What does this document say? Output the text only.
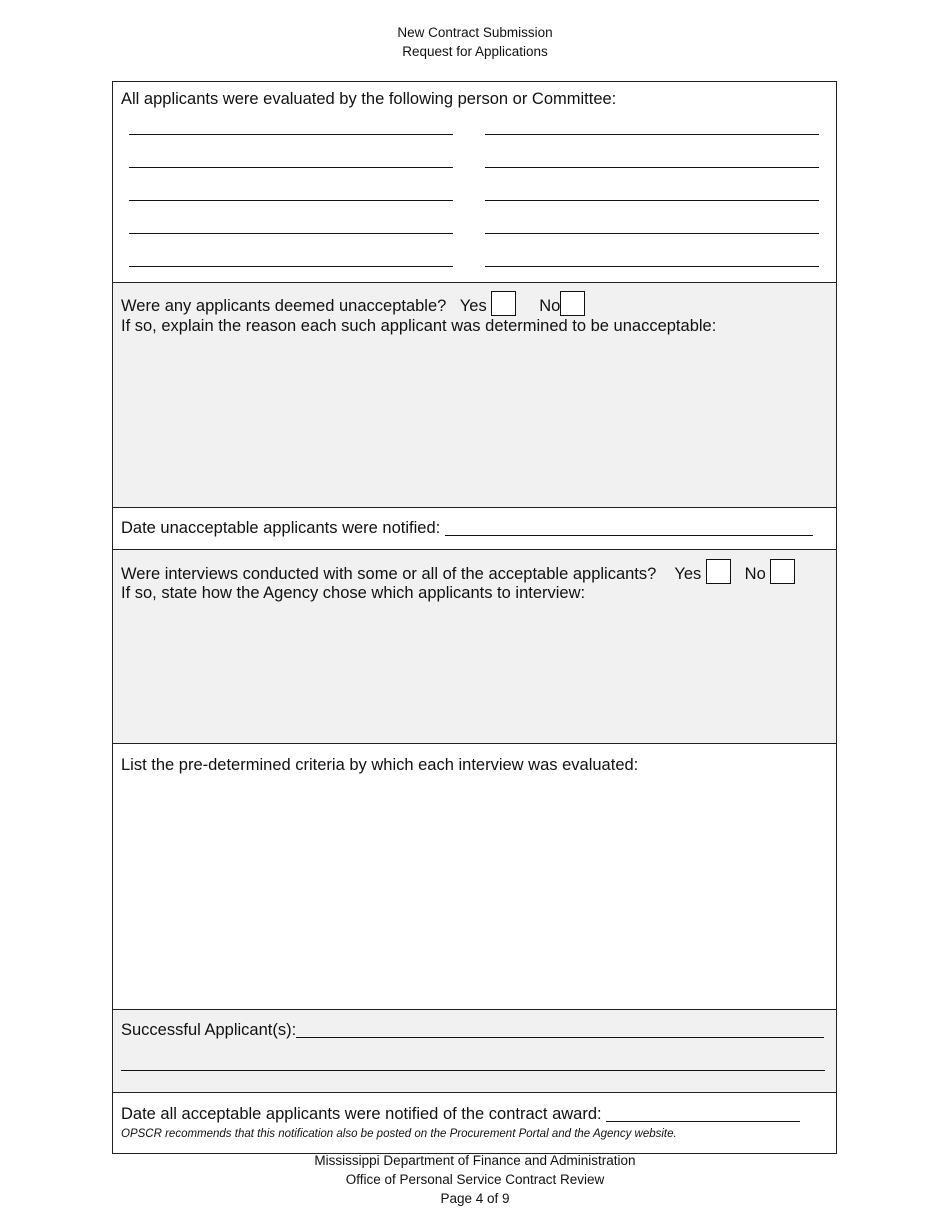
New Contract Submission
Request for Applications
All applicants were evaluated by the following person or Committee:
Were any applicants deemed unacceptable? Yes	No
If so, explain the reason each such applicant was determined to be unacceptable:
Date unacceptable applicants were notified:
Were interviews conducted with some or all of the acceptable applicants? Yes	No
If so, state how the Agency chose which applicants to interview:
List the pre-determined criteria by which each interview was evaluated:
Successful Applicant(s):
Date all acceptable applicants were notified of the contract award:
OPSCR recommends that this notification also be posted on the Procurement Portal and the Agency website.
Mississippi Department of Finance and Administration
Office of Personal Service Contract Review
Page 4 of 9
